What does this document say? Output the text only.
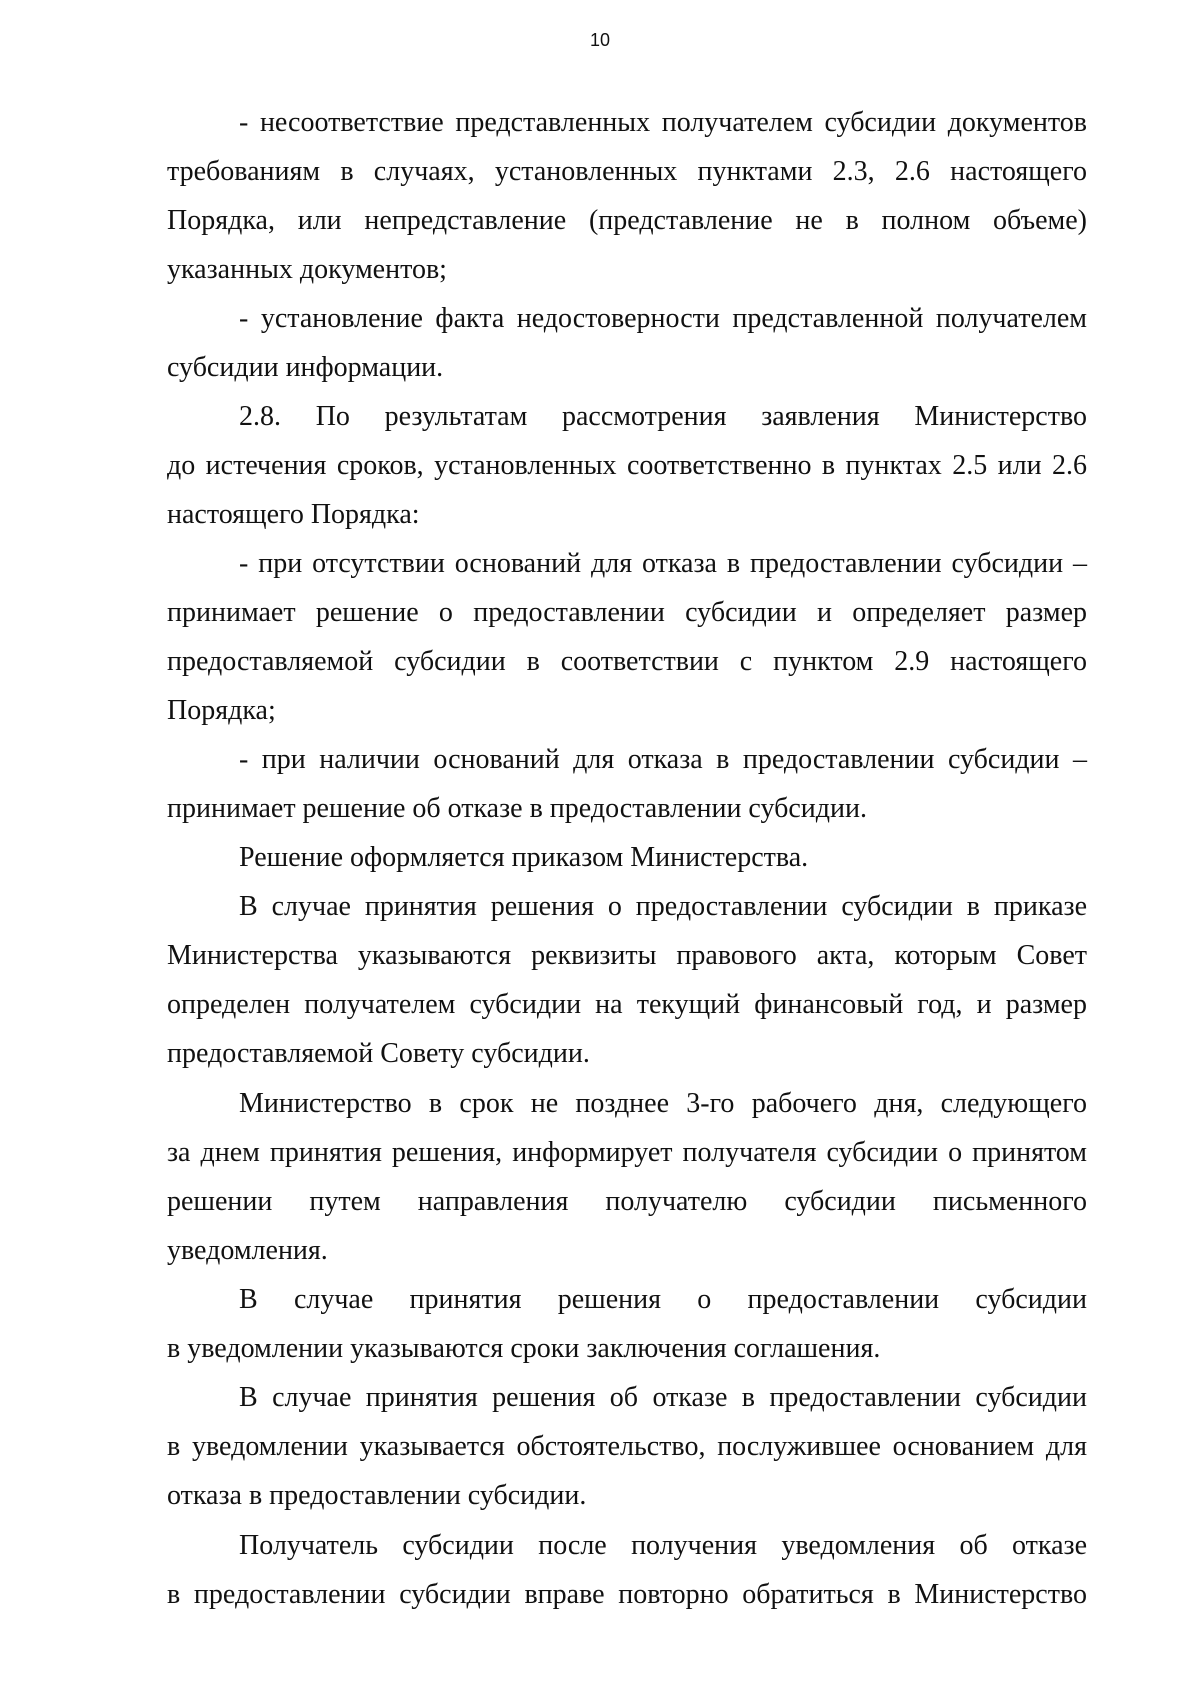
10
- несоответствие представленных получателем субсидии документов
требованиям в случаях, установленных пунктами 2.3, 2.6 настоящего
Порядка, или непредставление (представление не в полном объеме)
указанных документов;
- установление факта недостоверности представленной получателем
субсидии информации.
2.8. По результатам рассмотрения заявления Министерство
до истечения сроков, установленных соответственно в пунктах 2.5 или 2.6
настоящего Порядка:
- при отсутствии оснований для отказа в предоставлении субсидии –
принимает решение о предоставлении субсидии и определяет размер
предоставляемой субсидии в соответствии с пунктом 2.9 настоящего
Порядка;
- при наличии оснований для отказа в предоставлении субсидии –
принимает решение об отказе в предоставлении субсидии.
Решение оформляется приказом Министерства.
В случае принятия решения о предоставлении субсидии в приказе
Министерства указываются реквизиты правового акта, которым Совет
определен получателем субсидии на текущий финансовый год, и размер
предоставляемой Совету субсидии.
Министерство в срок не позднее 3-го рабочего дня, следующего
за днем принятия решения, информирует получателя субсидии о принятом
решении путем направления получателю субсидии письменного
уведомления.
В случае принятия решения о предоставлении субсидии
в уведомлении указываются сроки заключения соглашения.
В случае принятия решения об отказе в предоставлении субсидии
в уведомлении указывается обстоятельство, послужившее основанием для
отказа в предоставлении субсидии.
Получатель субсидии после получения уведомления об отказе
в предоставлении субсидии вправе повторно обратиться в Министерство
